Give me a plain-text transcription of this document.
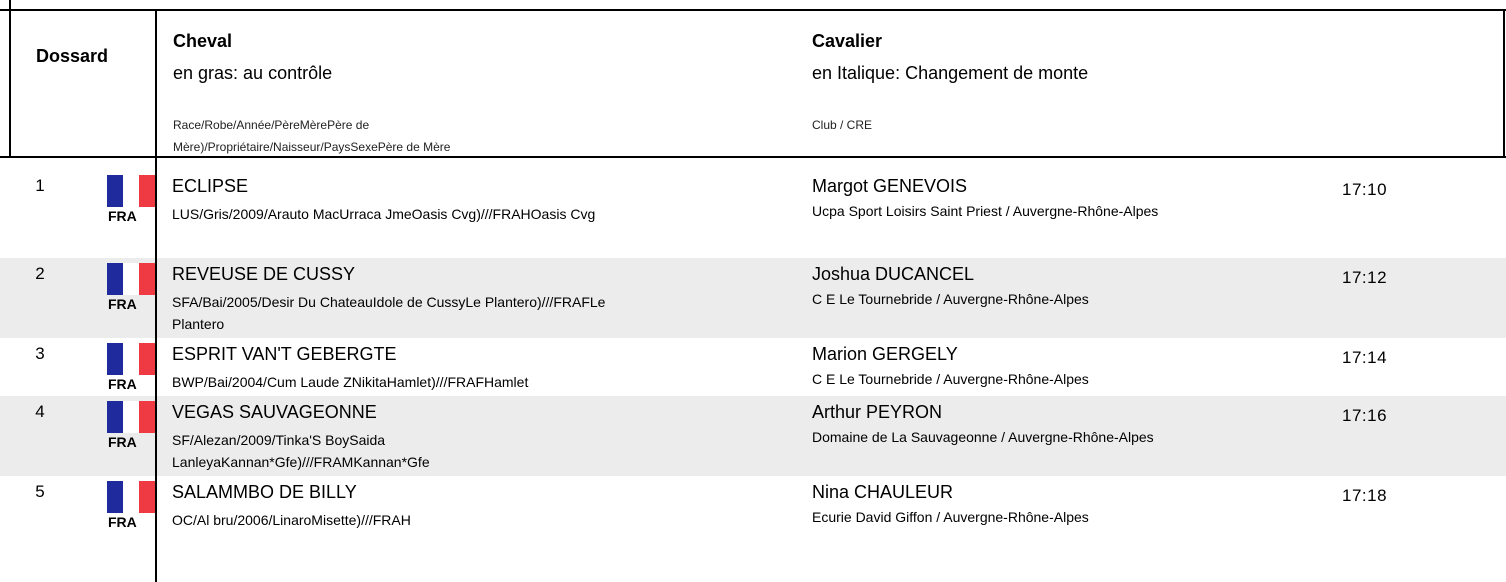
1
FRA
ECLIPSE
LUS/Gris/2009/Arauto MacUrraca JmeOasis Cvg)///FRAHOasis Cvg
Margot GENEVOIS
Ucpa Sport Loisirs Saint Priest / Auvergne-Rhône-Alpes
17:10
2
FRA
REVEUSE DE CUSSY
SFA/Bai/2005/Desir Du ChateauIdole de CussyLe Plantero)///FRAFLe Plantero
Joshua DUCANCEL
C E Le Tournebride / Auvergne-Rhône-Alpes
17:12
3
FRA
ESPRIT VAN'T GEBERGTE
BWP/Bai/2004/Cum Laude ZNikitaHamlet)///FRAFHamlet
Marion GERGELY
C E Le Tournebride / Auvergne-Rhône-Alpes
17:14
4
FRA
VEGAS SAUVAGEONNE
SF/Alezan/2009/Tinka'S BoySaida LanleyaKannan*Gfe)///FRAMKannan*Gfe
Arthur PEYRON
Domaine de La Sauvageonne / Auvergne-Rhône-Alpes
17:16
5
FRA
SALAMMBO DE BILLY
OC/Al bru/2006/LinaroMisette)///FRAH
Nina CHAULEUR
Ecurie David Giffon / Auvergne-Rhône-Alpes
17:18
Dossard
Cheval
en gras: au contrôle
Race/Robe/Année/PèreMèrePère de
Mère)/Propriétaire/Naisseur/PaysSexePère de Mère
Cavalier
en Italique: Changement de monte
Club / CRE
